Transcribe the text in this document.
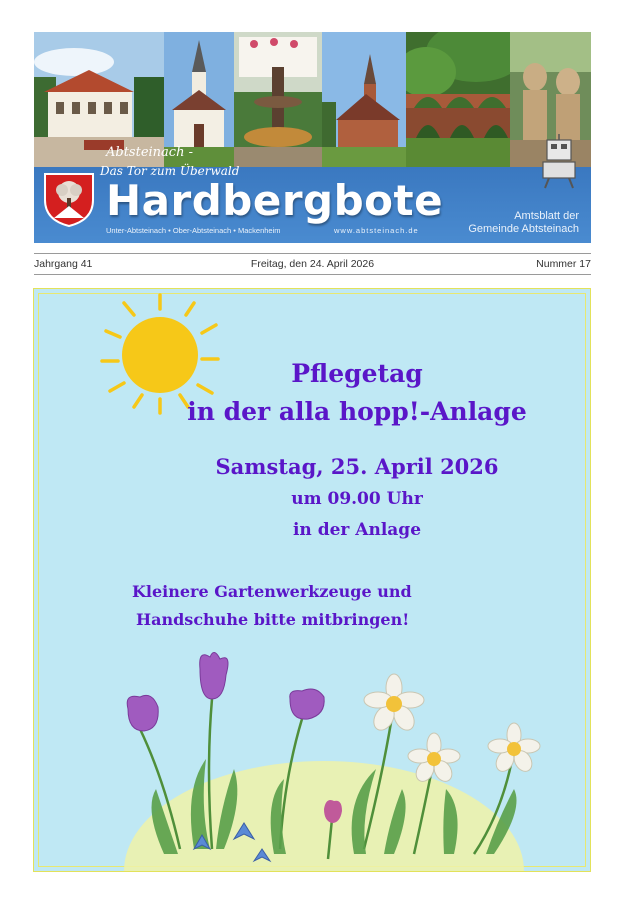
Abtsteinach -
Das Tor zum Überwald
Hardbergbote
Unter-Abtsteinach • Ober-Abtsteinach • Mackenheim	www.abtsteinach.de
Amtsblatt der
Gemeinde Abtsteinach
Jahrgang 41	Freitag, den 24. April 2026	Nummer 17
Pflegetag
in der alla hopp!-Anlage
Samstag, 25. April 2026
um 09.00 Uhr
in der Anlage
Kleinere Gartenwerkzeuge und
Handschuhe bitte mitbringen!
